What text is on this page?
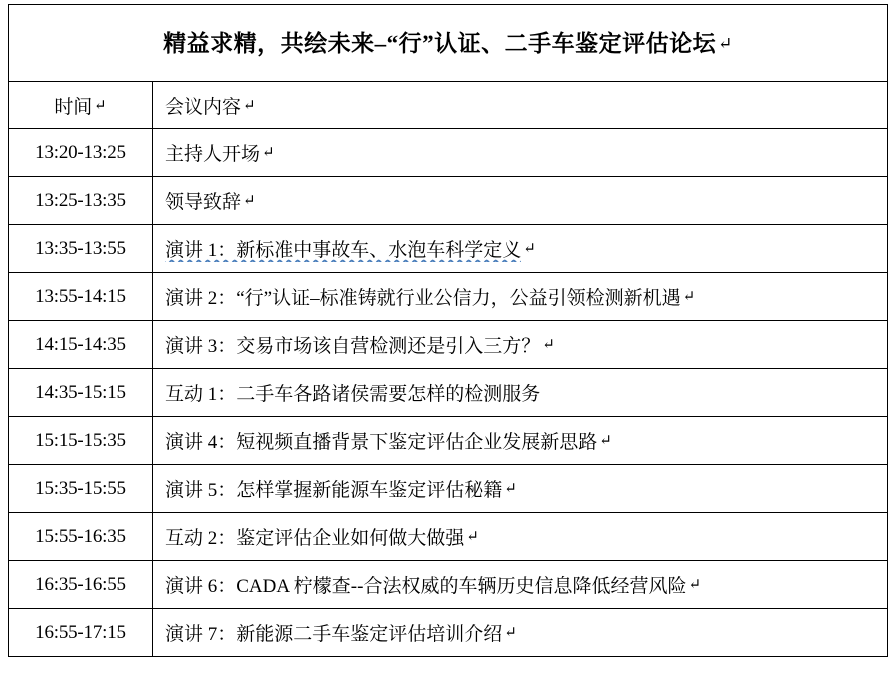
精益求精，共绘未来–“行”认证、二手车鉴定评估论坛 ↵	

时间 ↵	会议内容 ↵

13:20-13:25	主持人开场 ↵

13:25-13:35	领导致辞 ↵

13:35-13:55	演讲 1：新标准中事故车、水泡车科学定义 ↵

13:55-14:15	演讲 2：“行”认证–标准铸就行业公信力，公益引领检测新机遇 ↵

14:15-14:35	演讲 3：交易市场该自营检测还是引入三方？ ↵

14:35-15:15	互动 1：二手车各路诸侯需要怎样的检测服务

15:15-15:35	演讲 4：短视频直播背景下鉴定评估企业发展新思路 ↵

15:35-15:55	演讲 5：怎样掌握新能源车鉴定评估秘籍 ↵

15:55-16:35	互动 2：鉴定评估企业如何做大做强 ↵

16:35-16:55	演讲 6：CADA 柠檬查--合法权威的车辆历史信息降低经营风险 ↵

16:55-17:15	演讲 7：新能源二手车鉴定评估培训介绍 ↵
